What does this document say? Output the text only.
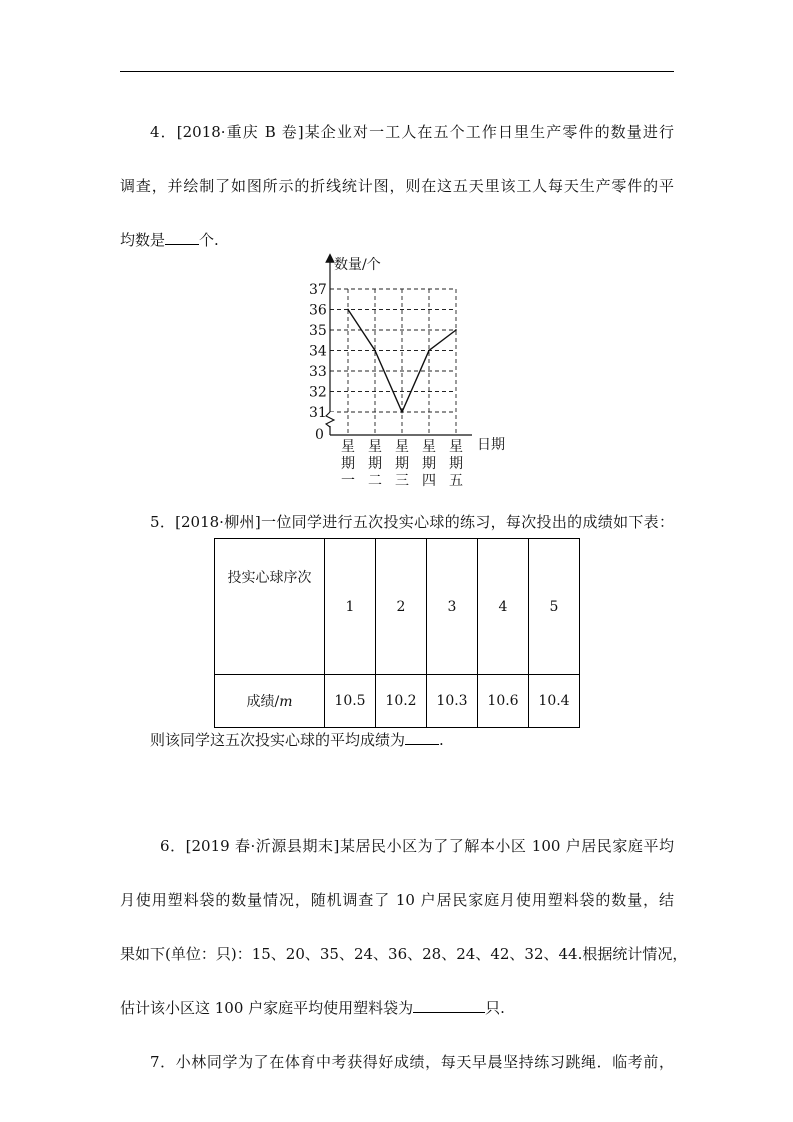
4．[2018·重庆 B 卷]某企业对一工人在五个工作日里生产零件的数量进行
调查，并绘制了如图所示的折线统计图，则在这五天里该工人每天生产零件的平
均数是 个.
数量/个
日期
0
31
32
33
34
35
36
37
星
期
一
星
期
二
星
期
三
星
期
四
星
期
五
5．[2018·柳州]一位同学进行五次投实心球的练习，每次投出的成绩如下表：
投实心球序次	1	2	3	4	5
成绩/m	10.5	10.2	10.3	10.6	10.4
则该同学这五次投实心球的平均成绩为 .
6．[2019 春·沂源县期末]某居民小区为了了解本小区 100 户居民家庭平均
月使用塑料袋的数量情况，随机调查了 10 户居民家庭月使用塑料袋的数量，结
果如下(单位：只)：15、20、35、24、36、28、24、42、32、44.根据统计情况，
估计该小区这 100 户家庭平均使用塑料袋为	只.
7．小林同学为了在体育中考获得好成绩，每天早晨坚持练习跳绳．临考前，
